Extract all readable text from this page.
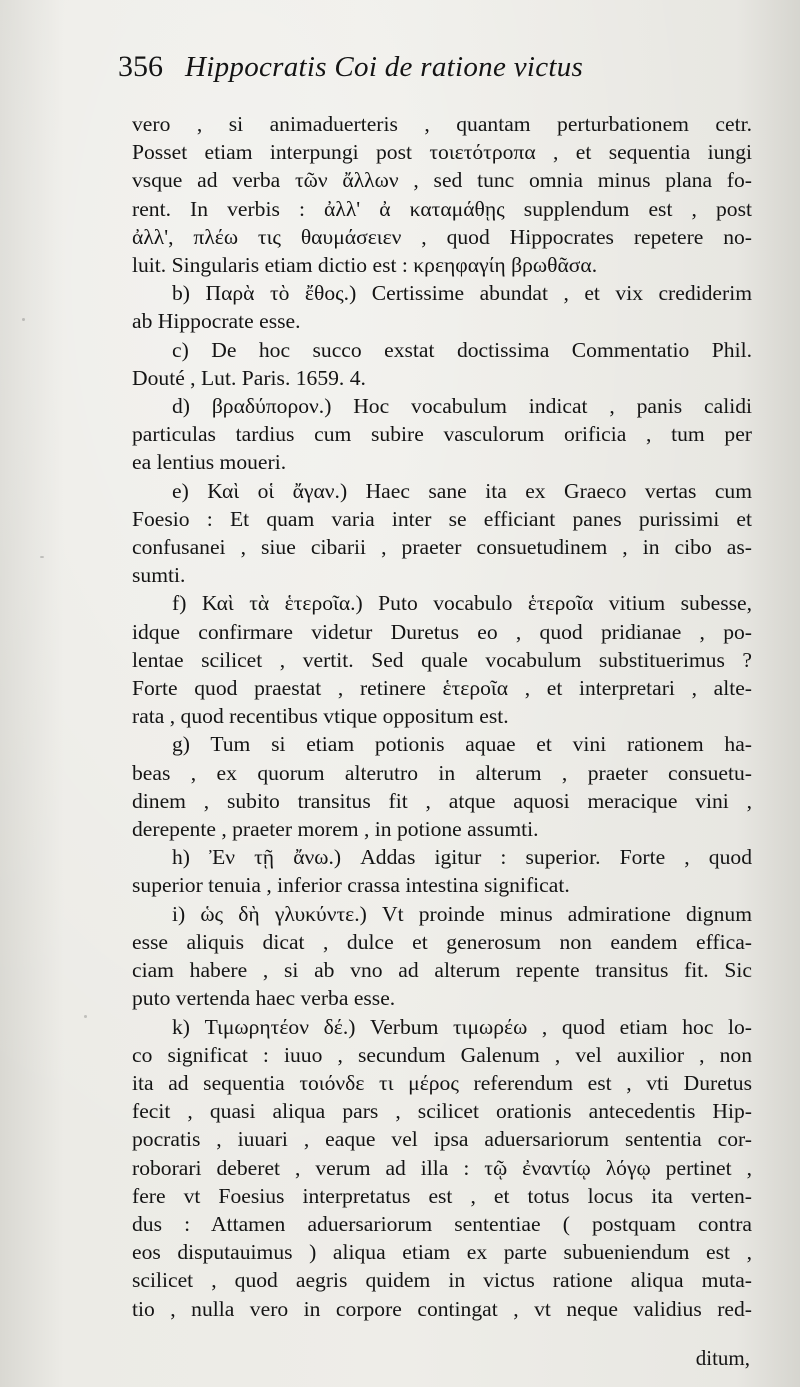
356 Hippocratis Coi de ratione victus

vero , si animaduerteris , quantam perturbationem cetr.

Posset etiam interpungi post τοιετότροπα , et sequentia iungi

vsque ad verba τῶν ἄλλων , sed tunc omnia minus plana fo-

rent. In verbis : ἀλλ' ἀ καταμάθῃς supplendum est , post

ἀλλ', πλέω τις θαυμάσειεν , quod Hippocrates repetere no-

luit. Singularis etiam dictio est : κρεηφαγίη βρωθᾶσα.

b) Παρὰ τὸ ἔθος.) Certissime abundat , et vix crediderim

ab Hippocrate esse.

c) De hoc succo exstat doctissima Commentatio Phil.

Douté , Lut. Paris. 1659. 4.

d) βραδύπορον.) Hoc vocabulum indicat , panis calidi

particulas tardius cum subire vasculorum orificia , tum per

ea lentius moueri.

e) Καὶ οἱ ἄγαν.) Haec sane ita ex Graeco vertas cum

Foesio : Et quam varia inter se efficiant panes purissimi et

confusanei , siue cibarii , praeter consuetudinem , in cibo as-

sumti.

f) Καὶ τὰ ἑτεροῖα.) Puto vocabulo ἑτεροῖα vitium subesse,

idque confirmare videtur Duretus eo , quod pridianae , po-

lentae scilicet , vertit. Sed quale vocabulum substituerimus ?

Forte quod praestat , retinere ἑτεροῖα , et interpretari , alte-

rata , quod recentibus vtique oppositum est.

g) Tum si etiam potionis aquae et vini rationem ha-

beas , ex quorum alterutro in alterum , praeter consuetu-

dinem , subito transitus fit , atque aquosi meracique vini ,

derepente , praeter morem , in potione assumti.

h) Ἐν τῇ ἄνω.) Addas igitur : superior. Forte , quod

superior tenuia , inferior crassa intestina significat.

i) ὡς δὴ γλυκύντε.) Vt proinde minus admiratione dignum

esse aliquis dicat , dulce et generosum non eandem effica-

ciam habere , si ab vno ad alterum repente transitus fit. Sic

puto vertenda haec verba esse.

k) Τιμωρητέον δέ.) Verbum τιμωρέω , quod etiam hoc lo-

co significat : iuuo , secundum Galenum , vel auxilior , non

ita ad sequentia τοιόνδε τι μέρος referendum est , vti Duretus

fecit , quasi aliqua pars , scilicet orationis antecedentis Hip-

pocratis , iuuari , eaque vel ipsa aduersariorum sententia cor-

roborari deberet , verum ad illa : τῷ ἐναντίῳ λόγῳ pertinet ,

fere vt Foesius interpretatus est , et totus locus ita verten-

dus : Attamen aduersariorum sententiae ( postquam contra

eos disputauimus ) aliqua etiam ex parte subueniendum est ,

scilicet , quod aegris quidem in victus ratione aliqua muta-

tio , nulla vero in corpore contingat , vt neque validius red-

ditum,
